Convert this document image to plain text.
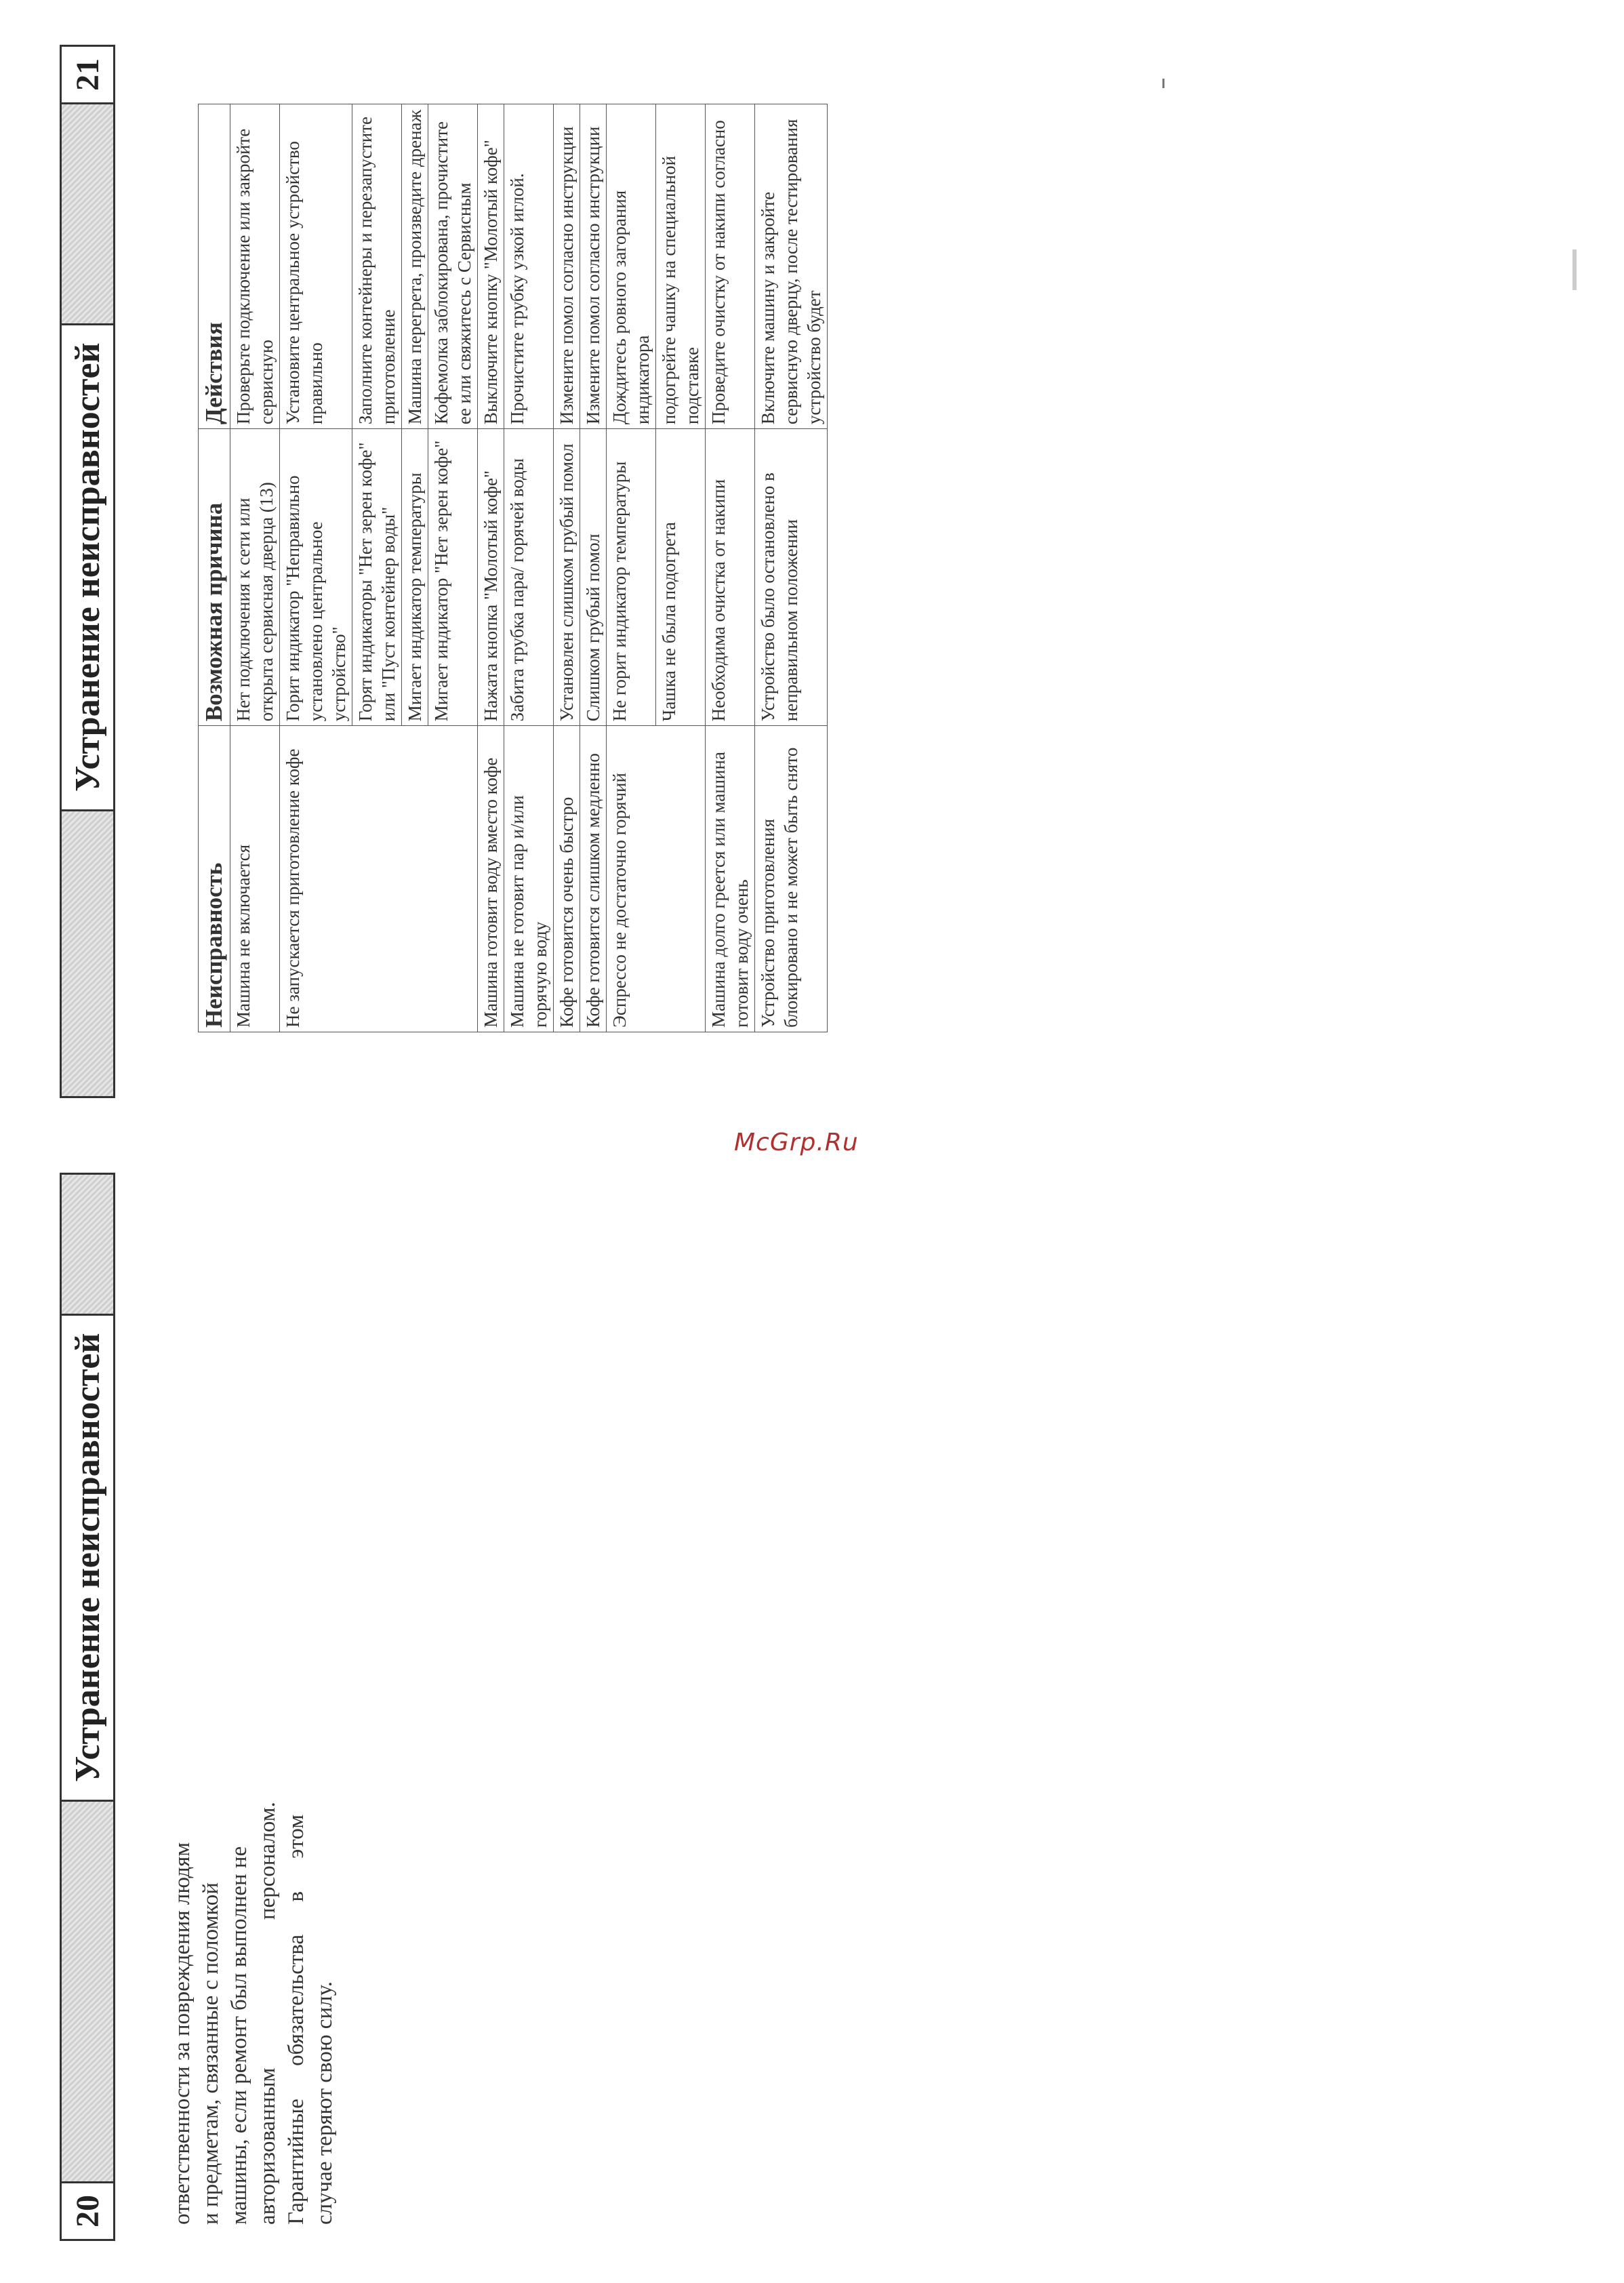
20
Устранение неисправностей
ответственности за повреждения людям и предметам, связанные с поломкой машины, если ремонт был выполнен не авторизованным персоналом. Гарантийные обязательства в этом случае теряют свою силу.
Устранение неисправностей
21
Неисправность	Возможная причина	Действия
Машина не включается	Нет подключения к сети или открыта сервисная дверца (13)	Проверьте подключение или закройте сервисную
Не запускается приготовление кофе	Горит индикатор "Неправильно установлено центральное устройство"	Установите центральное устройство правильно
	Горят индикаторы "Нет зерен кофе" или "Пуст контейнер воды"	Заполните контейнеры и перезапустите приготовление
	Мигает индикатор температуры	Машина перегрета, произведите дренаж
	Мигает индикатор "Нет зерен кофе"	Кофемолка заблокирована, прочистите ее или свяжитесь с Сервисным
Машина готовит воду вместо кофе	Нажата кнопка "Молотый кофе"	Выключите кнопку "Молотый кофе"
Машина не готовит пар и/или горячую воду	Забита трубка пара/ горячей воды	Прочистите трубку узкой иглой.
Кофе готовится очень быстро	Установлен слишком грубый помол	Измените помол согласно инструкции
Кофе готовится слишком медленно	Слишком грубый помол	Измените помол согласно инструкции
Эспрессо не достаточно горячий	Не горит индикатор температуры	Дождитесь ровного загорания индикатора
	Чашка не была подогрета	подогрейте чашку на специальной подставке
Машина долго греется или машина готовит воду очень	Необходима очистка от накипи	Проведите очистку от накипи согласно
Устройство приготовления блокировано и не может быть снято	Устройство было остановлено в неправильном положении	Включите машину и закройте сервисную дверцу, после тестирования устройство будет
McGrp.Ru
